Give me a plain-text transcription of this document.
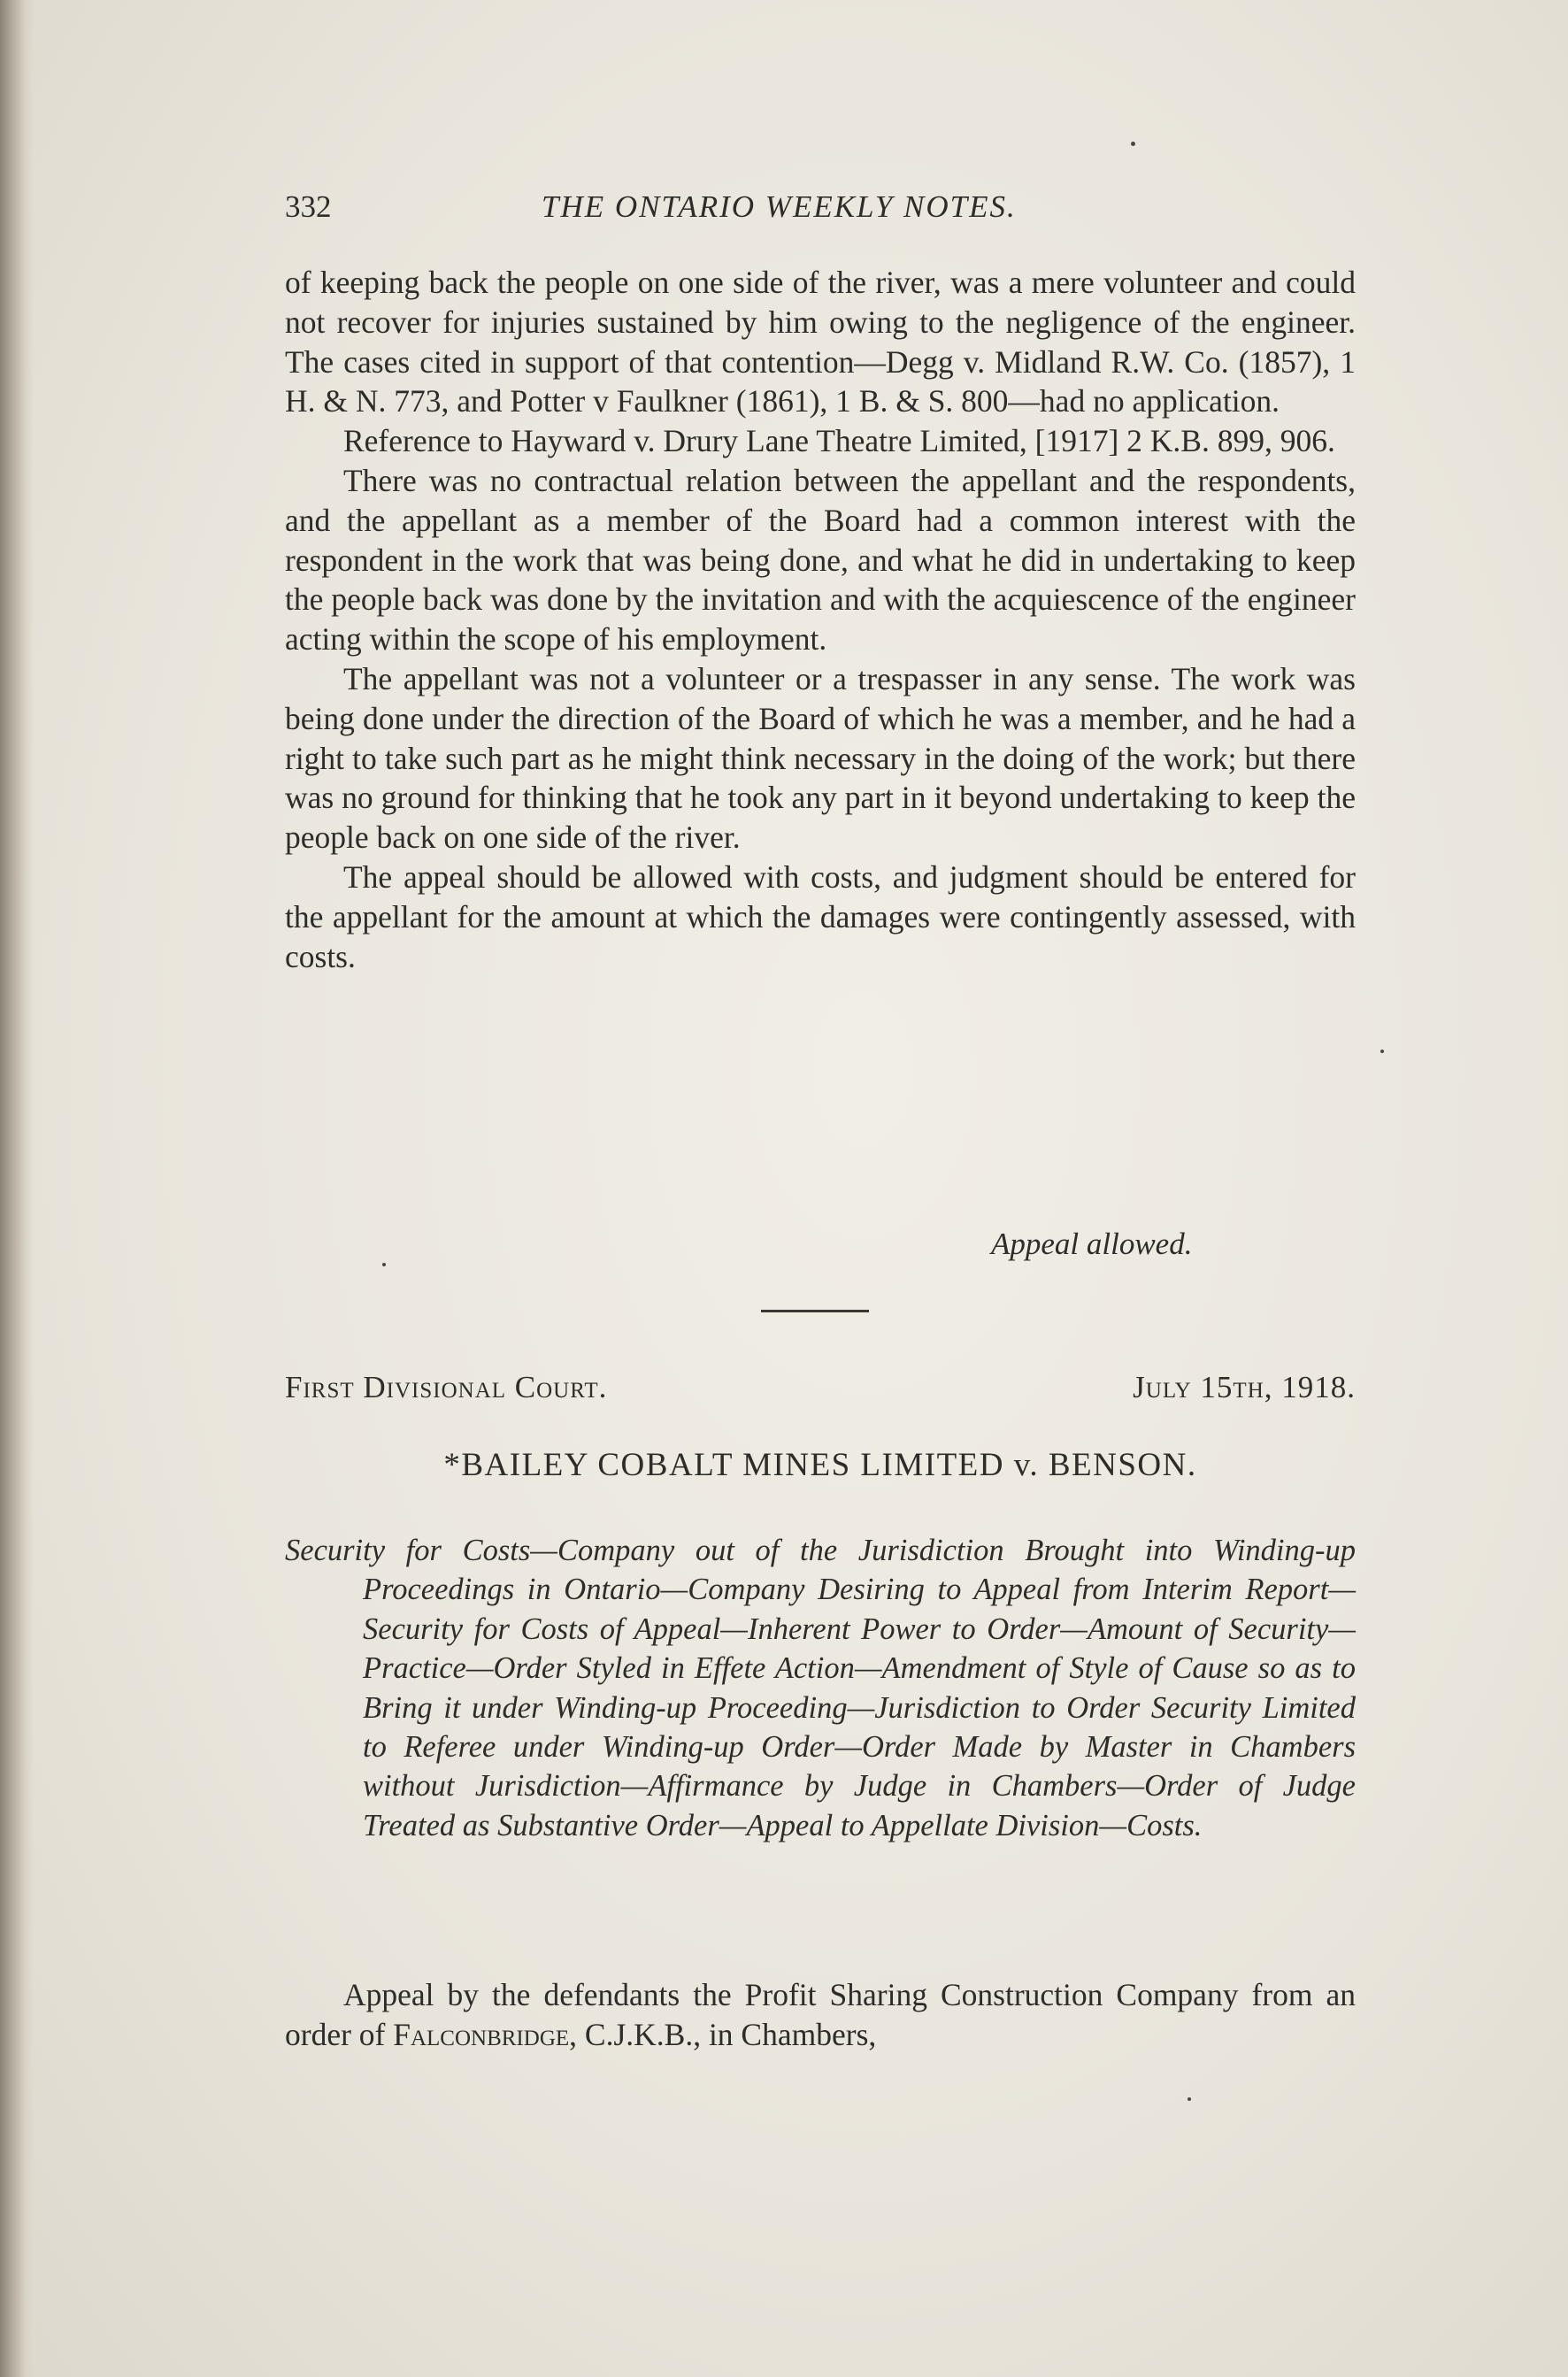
332	THE ONTARIO WEEKLY NOTES.

of keeping back the people on one side of the river, was a mere volunteer and could not recover for injuries sustained by him owing to the negligence of the engineer. The cases cited in support of that contention—Degg v. Midland R.W. Co. (1857), 1 H. & N. 773, and Potter v Faulkner (1861), 1 B. & S. 800—had no application.

Reference to Hayward v. Drury Lane Theatre Limited, [1917] 2 K.B. 899, 906.

There was no contractual relation between the appellant and the respondents, and the appellant as a member of the Board had a common interest with the respondent in the work that was being done, and what he did in undertaking to keep the people back was done by the invitation and with the acquiescence of the engineer acting within the scope of his employment.

The appellant was not a volunteer or a trespasser in any sense. The work was being done under the direction of the Board of which he was a member, and he had a right to take such part as he might think necessary in the doing of the work; but there was no ground for thinking that he took any part in it beyond undertaking to keep the people back on one side of the river.

The appeal should be allowed with costs, and judgment should be entered for the appellant for the amount at which the damages were contingently assessed, with costs.

Appeal allowed.
First Divisional Court.	July 15th, 1918.
*BAILEY COBALT MINES LIMITED v. BENSON.
Security for Costs—Company out of the Jurisdiction Brought into Winding-up Proceedings in Ontario—Company Desiring to Appeal from Interim Report—Security for Costs of Appeal—Inherent Power to Order—Amount of Security—Practice—Order Styled in Effete Action—Amendment of Style of Cause so as to Bring it under Winding-up Proceeding—Jurisdiction to Order Security Limited to Referee under Winding-up Order—Order Made by Master in Chambers without Jurisdiction—Affirmance by Judge in Chambers—Order of Judge Treated as Substantive Order—Appeal to Appellate Division—Costs.
Appeal by the defendants the Profit Sharing Construction Company from an order of Falconbridge, C.J.K.B., in Chambers,
